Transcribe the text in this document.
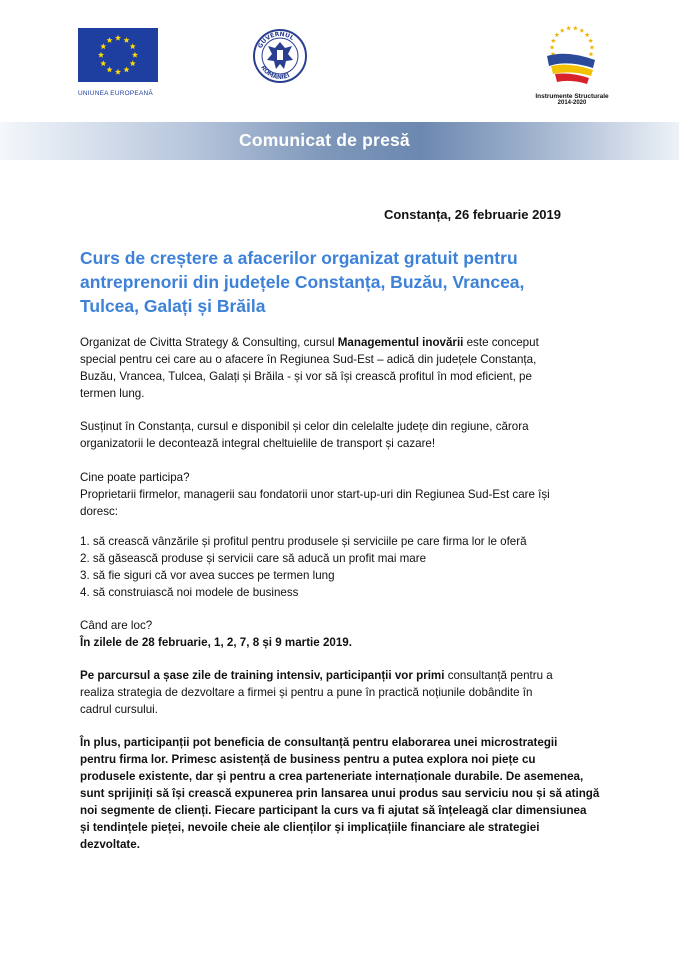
UNIUNEA EUROPEANĂ
GUVERNUL
ROMÂNIEI
Instrumente Structurale
2014-2020
Comunicat de presă
Constanța, 26 februarie 2019
Curs de creștere a afacerilor organizat gratuit pentru
antreprenorii din județele Constanța, Buzău, Vrancea,
Tulcea, Galați și Brăila
Organizat de Civitta Strategy & Consulting, cursul Managementul inovării este conceput
special pentru cei care au o afacere în Regiunea Sud-Est – adică din județele Constanța,
Buzău, Vrancea, Tulcea, Galați și Brăila - și vor să își crească profitul în mod eficient, pe
termen lung.
Susținut în Constanța, cursul e disponibil și celor din celelalte județe din regiune, cărora
organizatorii le decontează integral cheltuielile de transport și cazare!
Cine poate participa?
Proprietarii firmelor, managerii sau fondatorii unor start-up-uri din Regiunea Sud-Est care își
doresc:
1. să crească vânzările și profitul pentru produsele și serviciile pe care firma lor le oferă
2. să găsească produse și servicii care să aducă un profit mai mare
3. să fie siguri că vor avea succes pe termen lung
4. să construiască noi modele de business
Când are loc?
În zilele de 28 februarie, 1, 2, 7, 8 și 9 martie 2019.
Pe parcursul a șase zile de training intensiv, participanții vor primi consultanță pentru a
realiza strategia de dezvoltare a firmei și pentru a pune în practică noțiunile dobândite în
cadrul cursului.
În plus, participanții pot beneficia de consultanță pentru elaborarea unei microstrategii
pentru firma lor. Primesc asistență de business pentru a putea explora noi piețe cu
produsele existente, dar și pentru a crea parteneriate internaționale durabile. De asemenea,
sunt sprijiniți să își crească expunerea prin lansarea unui produs sau serviciu nou și să atingă
noi segmente de clienți. Fiecare participant la curs va fi ajutat să înțeleagă clar dimensiunea
și tendințele pieței, nevoile cheie ale clienților și implicațiile financiare ale strategiei
dezvoltate.
